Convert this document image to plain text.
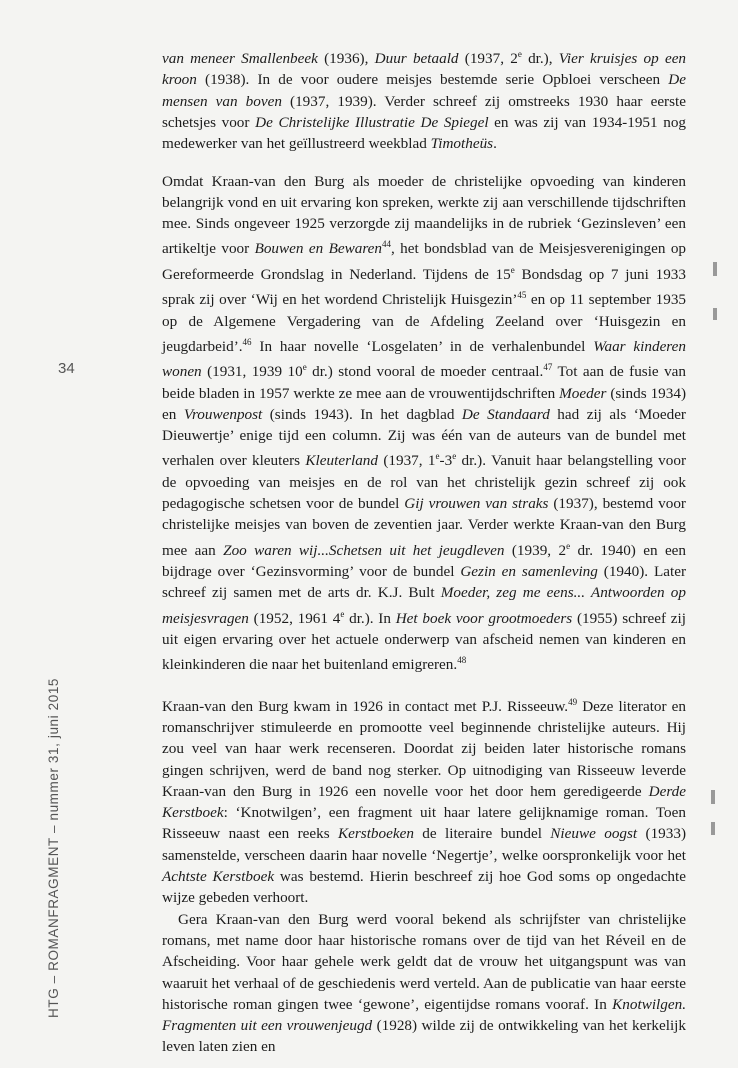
34
HTG – ROMANFRAGMENT – nummer 31, juni 2015

van meneer Smallenbeek (1936), Duur betaald (1937, 2e dr.), Vier kruisjes op een kroon (1938). In de voor oudere meisjes bestemde serie Opbloei verscheen De mensen van boven (1937, 1939). Verder schreef zij omstreeks 1930 haar eerste schetsjes voor De Christelijke Illustratie De Spiegel en was zij van 1934-1951 nog medewerker van het geïllustreerd weekblad Timotheüs.

Omdat Kraan-van den Burg als moeder de christelijke opvoeding van kinderen belangrijk vond en uit ervaring kon spreken, werkte zij aan verschillende tijdschriften mee. Sinds ongeveer 1925 verzorgde zij maandelijks in de rubriek ‘Gezinsleven’ een artikeltje voor Bouwen en Bewaren$^{44}$, het bondsblad van de Meisjesverenigingen op Gereformeerde Grondslag in Nederland. Tijdens de 15e Bondsdag op 7 juni 1933 sprak zij over ‘Wij en het wordend Christelijk Huisgezin’$^{45}$ en op 11 september 1935 op de Algemene Vergadering van de Afdeling Zeeland over ‘Huisgezin en jeugdarbeid’.$^{46}$ In haar novelle ‘Losgelaten’ in de verhalenbundel Waar kinderen wonen (1931, 1939 10e dr.) stond vooral de moeder centraal.$^{47}$ Tot aan de fusie van beide bladen in 1957 werkte ze mee aan de vrouwentijdschriften Moeder (sinds 1934) en Vrouwenpost (sinds 1943). In het dagblad De Standaard had zij als ‘Moeder Dieuwertje’ enige tijd een column. Zij was één van de auteurs van de bundel met verhalen over kleuters Kleuterland (1937, 1e-3e dr.). Vanuit haar belangstelling voor de opvoeding van meisjes en de rol van het christelijk gezin schreef zij ook pedagogische schetsen voor de bundel Gij vrouwen van straks (1937), bestemd voor christelijke meisjes van boven de zeventien jaar. Verder werkte Kraan-van den Burg mee aan Zoo waren wij...Schetsen uit het jeugdleven (1939, 2e dr. 1940) en een bijdrage over ‘Gezinsvorming’ voor de bundel Gezin en samenleving (1940). Later schreef zij samen met de arts dr. K.J. Bult Moeder, zeg me eens... Antwoorden op meisjesvragen (1952, 1961 4e dr.). In Het boek voor grootmoeders (1955) schreef zij uit eigen ervaring over het actuele onderwerp van afscheid nemen van kinderen en kleinkinderen die naar het buitenland emigreren.$^{48}$

Kraan-van den Burg kwam in 1926 in contact met P.J. Risseeuw.$^{49}$ Deze literator en romanschrijver stimuleerde en promootte veel beginnende christelijke auteurs. Hij zou veel van haar werk recenseren. Doordat zij beiden later historische romans gingen schrijven, werd de band nog sterker. Op uitnodiging van Risseeuw leverde Kraan-van den Burg in 1926 een novelle voor het door hem geredigeerde Derde Kerstboek: ‘Knotwilgen’, een fragment uit haar latere gelijknamige roman. Toen Risseeuw naast een reeks Kerstboeken de literaire bundel Nieuwe oogst (1933) samenstelde, verscheen daarin haar novelle ‘Negertje’, welke oorspronkelijk voor het Achtste Kerstboek was bestemd. Hierin beschreef zij hoe God soms op ongedachte wijze gebeden verhoort.

Gera Kraan-van den Burg werd vooral bekend als schrijfster van christelijke romans, met name door haar historische romans over de tijd van het Réveil en de Afscheiding. Voor haar gehele werk geldt dat de vrouw het uitgangspunt was van waaruit het verhaal of de geschiedenis werd verteld. Aan de publicatie van haar eerste historische roman gingen twee ‘gewone’, eigentijdse romans vooraf. In Knotwilgen. Fragmenten uit een vrouwenjeugd (1928) wilde zij de ontwikkeling van het kerkelijk leven laten zien en
